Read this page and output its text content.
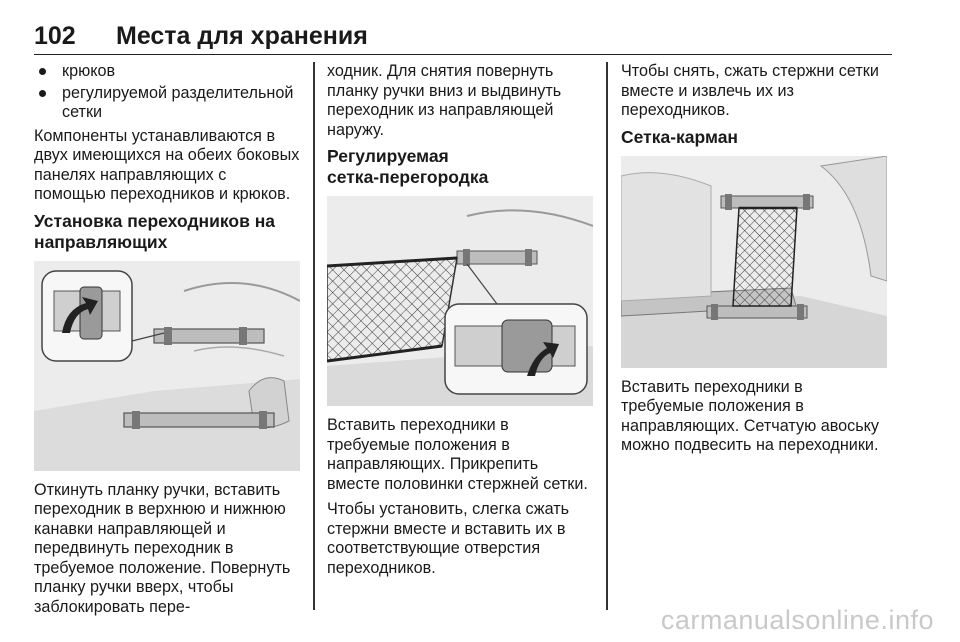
102 Места для хранения
крюков
регулируемой разделительной сетки

Компоненты устанавливаются в двух имеющихся на обеих боковых панелях направляющих с помощью переходников и крюков.

Установка переходников на направляющих

Откинуть планку ручки, вставить переходник в верхнюю и нижнюю канавки направляющей и передвинуть переходник в требуемое положение. Повернуть планку ручки вверх, чтобы заблокировать пере-

ходник. Для снятия повернуть планку ручки вниз и выдвинуть переходник из направляющей наружу.

Регулируемая
сетка-перегородка

Вставить переходники в требуемые положения в направляющих. Прикрепить вместе половинки стержней сетки.

Чтобы установить, слегка сжать стержни вместе и вставить их в соответствующие отверстия переходников.

Чтобы снять, сжать стержни сетки вместе и извлечь их из переходников.

Сетка-карман

Вставить переходники в требуемые положения в направляющих. Сетчатую авоську можно подвесить на переходники.

carmanualsonline.info
